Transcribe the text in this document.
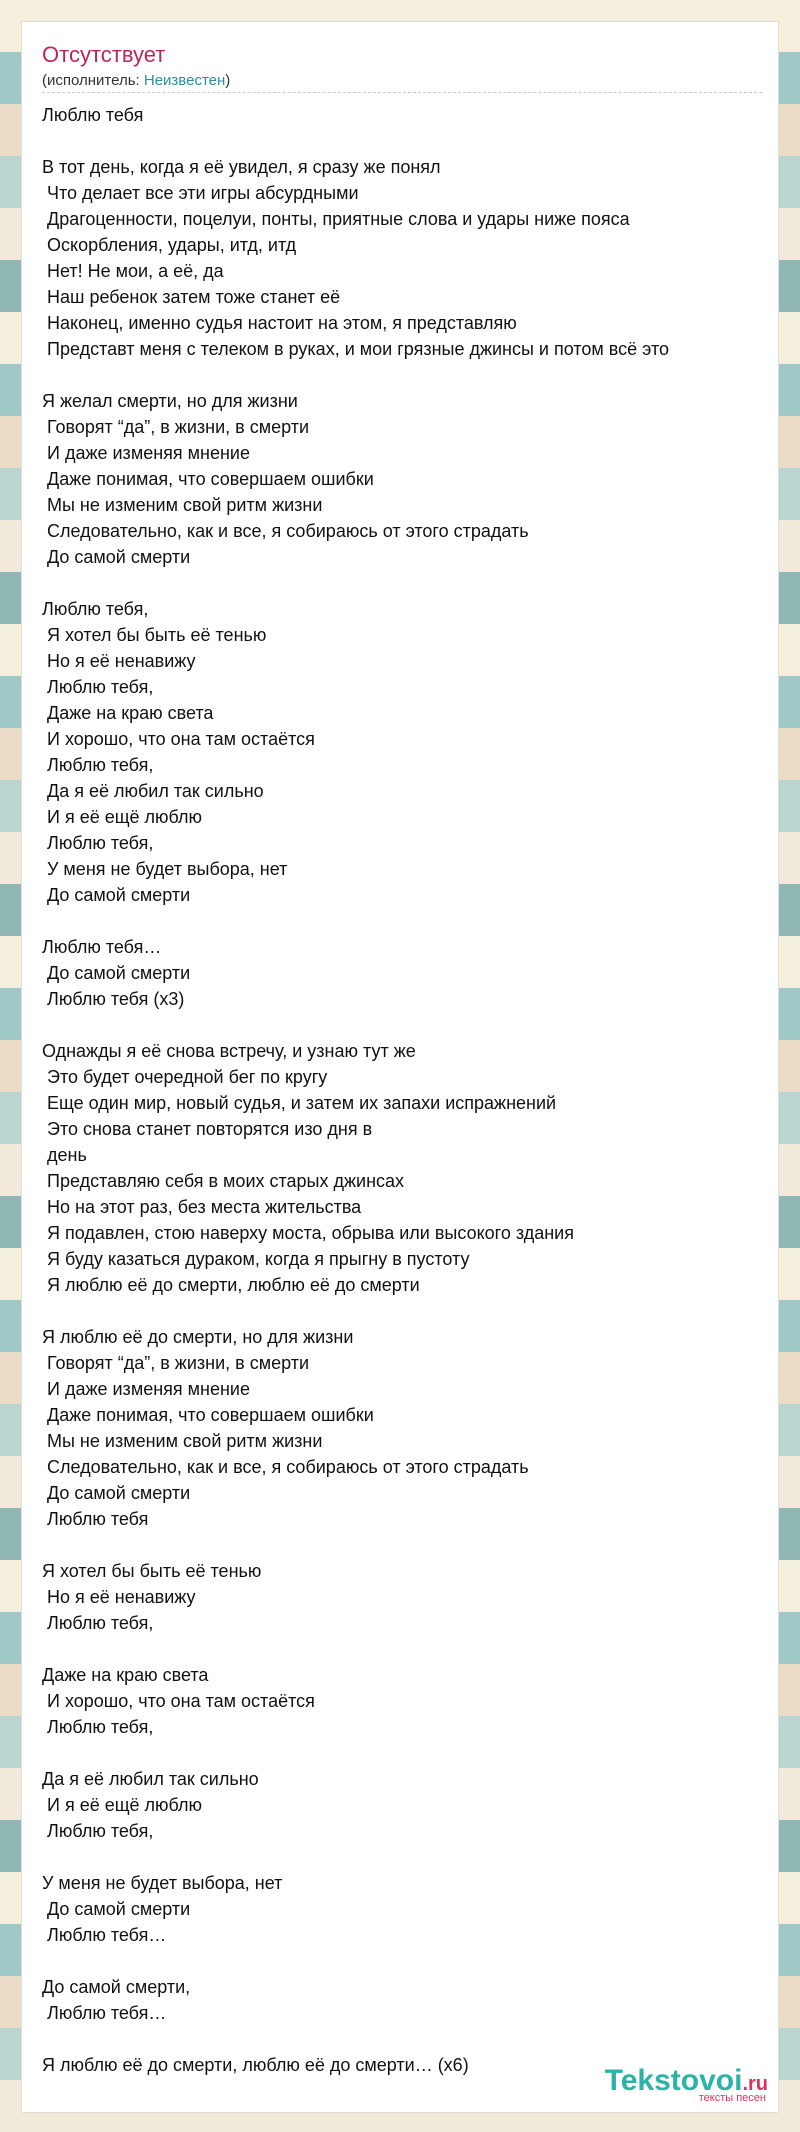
Отсутствует
(исполнитель: Неизвестен)
Люблю тебя
В тот день, когда я её увидел, я сразу же понял
Что делает все эти игры абсурдными
Драгоценности, поцелуи, понты, приятные слова и удары ниже пояса
Оскорбления, удары, итд, итд
Нет! Не мои, а её, да
Наш ребенок затем тоже станет её
Наконец, именно судья настоит на этом, я представляю
Представт меня с телеком в руках, и мои грязные джинсы и потом всё это
Я желал смерти, но для жизни
Говорят “да”, в жизни, в смерти
И даже изменяя мнение
Даже понимая, что совершаем ошибки
Мы не изменим свой ритм жизни
Следовательно, как и все, я собираюсь от этого страдать
До самой смерти
Люблю тебя,
Я хотел бы быть её тенью
Но я её ненавижу
Люблю тебя,
Даже на краю света
И хорошо, что она там остаётся
Люблю тебя,
Да я её любил так сильно
И я её ещё люблю
Люблю тебя,
У меня не будет выбора, нет
До самой смерти
Люблю тебя…
До самой смерти
Люблю тебя (x3)
Однажды я её снова встречу, и узнаю тут же
Это будет очередной бег по кругу
Еще один мир, новый судья, и затем их запахи испражнений
Это снова станет повторятся изо дня в
день
Представляю себя в моих старых джинсах
Но на этот раз, без места жительства
Я подавлен, стою наверху моста, обрыва или высокого здания
Я буду казаться дураком, когда я прыгну в пустоту
Я люблю её до смерти, люблю её до смерти
Я люблю её до смерти, но для жизни
Говорят “да”, в жизни, в смерти
И даже изменяя мнение
Даже понимая, что совершаем ошибки
Мы не изменим свой ритм жизни
Следовательно, как и все, я собираюсь от этого страдать
До самой смерти
Люблю тебя
Я хотел бы быть её тенью
Но я её ненавижу
Люблю тебя,
Даже на краю света
И хорошо, что она там остаётся
Люблю тебя,
Да я её любил так сильно
И я её ещё люблю
Люблю тебя,
У меня не будет выбора, нет
До самой смерти
Люблю тебя…
До самой смерти,
Люблю тебя…
Я люблю её до смерти, люблю её до смерти… (x6)	Tekstovoi.ru
тексты песен
